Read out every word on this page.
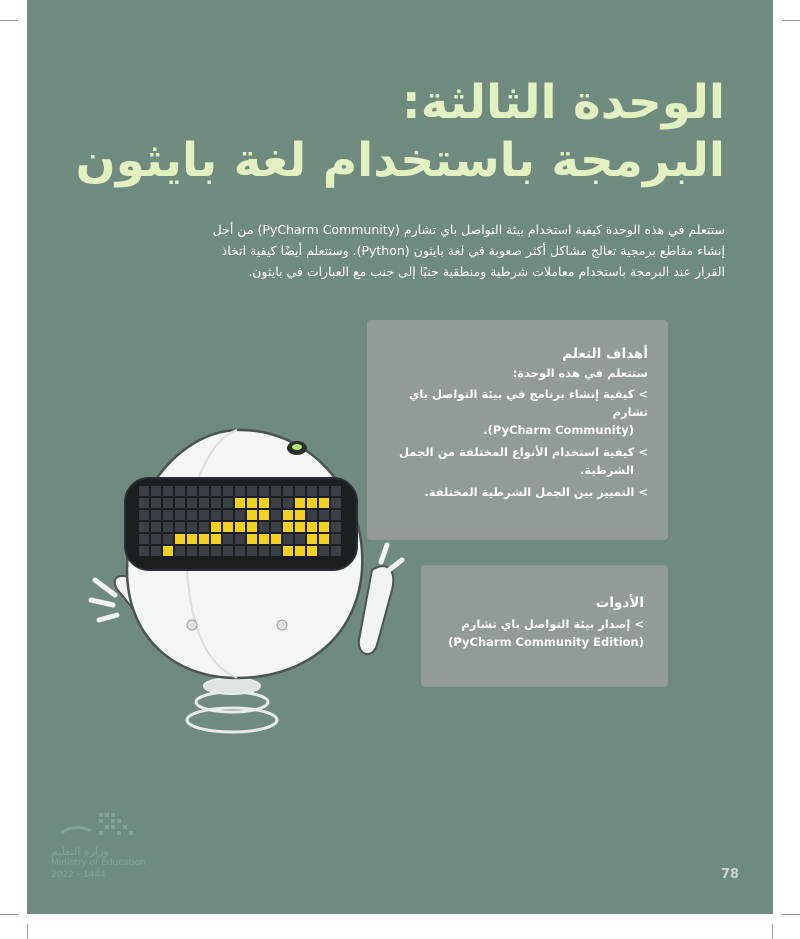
الوحدة الثالثة:
البرمجة باستخدام لغة بايثون

ستتعلم في هذه الوحدة كيفية استخدام بيئة التواصل باي تشارم (PyCharm Community) من أجل

إنشاء مقاطع برمجية تعالج مشاكل أكثر صعوبة في لغة بايثون (Python). وستتعلم أيضًا كيفية اتخاذ

القرار عند البرمجة باستخدام معاملات شرطية ومنطقية جنبًا إلى جنب مع العبارات في بايثون.

أهداف التعلم
ستتعلم في هذه الوحدة:
> كيفية إنشاء برنامج في بيئة التواصل باي تشارم
(PyCharm Community).
> كيفية استخدام الأنواع المختلفة من الجمل
الشرطية.
> التمييز بين الجمل الشرطية المختلفة.
الأدوات
> إصدار بيئة التواصل باي تشارم
(PyCharm Community Edition)
وزارة التعليم
Ministry of Education
2022 - 1444	78
